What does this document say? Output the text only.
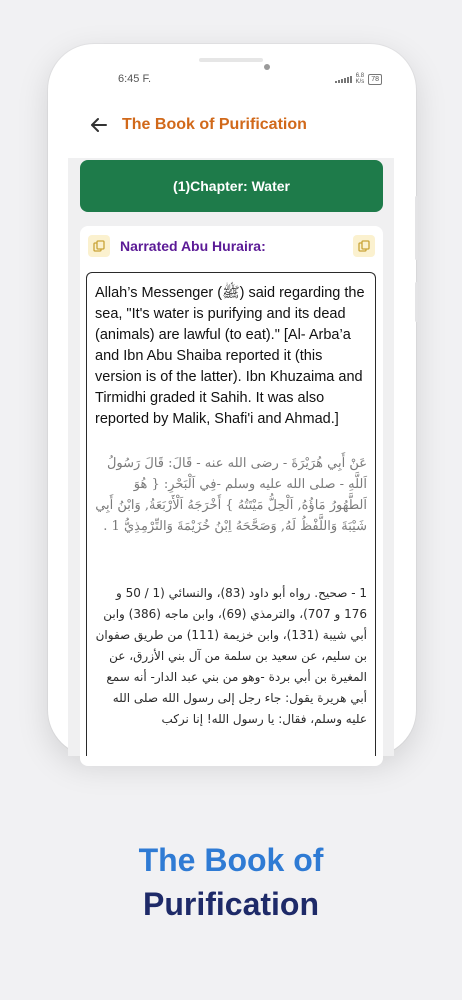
6:45 F.	6.8
K/s	78
The Book of Purification
(1)Chapter: Water
Narrated Abu Huraira:
Allah’s Messenger (ﷺ) said regarding the sea, "It's water is purifying and its dead (animals) are lawful (to eat)." [Al- Arba’a and Ibn Abu Shaiba reported it (this version is of the latter). Ibn Khuzaima and Tirmidhi graded it Sahih. It was also reported by Malik, Shafi'i and Ahmad.]
عَنْ أَبِي هُرَيْرَةَ - رضى الله عنه - قَالَ: قَالَ رَسُولُ اَللَّهِ - صلى الله عليه وسلم -فِي اَلْبَحْرِ: { هُوَ اَلطَّهُورُ مَاؤُهُ, اَلْحِلُّ مَيْتَتُهُ } أَخْرَجَهُ اَلْأَرْبَعَةُ, وَابْنُ أَبِي شَيْبَةَ وَاللَّفْظُ لَهُ, وَصَحَّحَهُ اِبْنُ خُزَيْمَةَ وَالتِّرْمِذِيُّ 1 .
1 - صحيح. رواه أبو داود (83)، والنسائي (1 / 50 و 176 و 707)، والترمذي (69)، وابن ماجه (386) وابن أبي شيبة (131)، وابن خزيمة (111) من طريق صفوان بن سليم، عن سعيد بن سلمة من آل بني الأزرق، عن المغيرة بن أبي بردة -وهو من بني عبد الدار- أنه سمع أبي هريرة يقول: جاء رجل إلى رسول الله صلى الله عليه وسلم، فقال: يا رسول الله! إنا نركب
The Book of
Purification
